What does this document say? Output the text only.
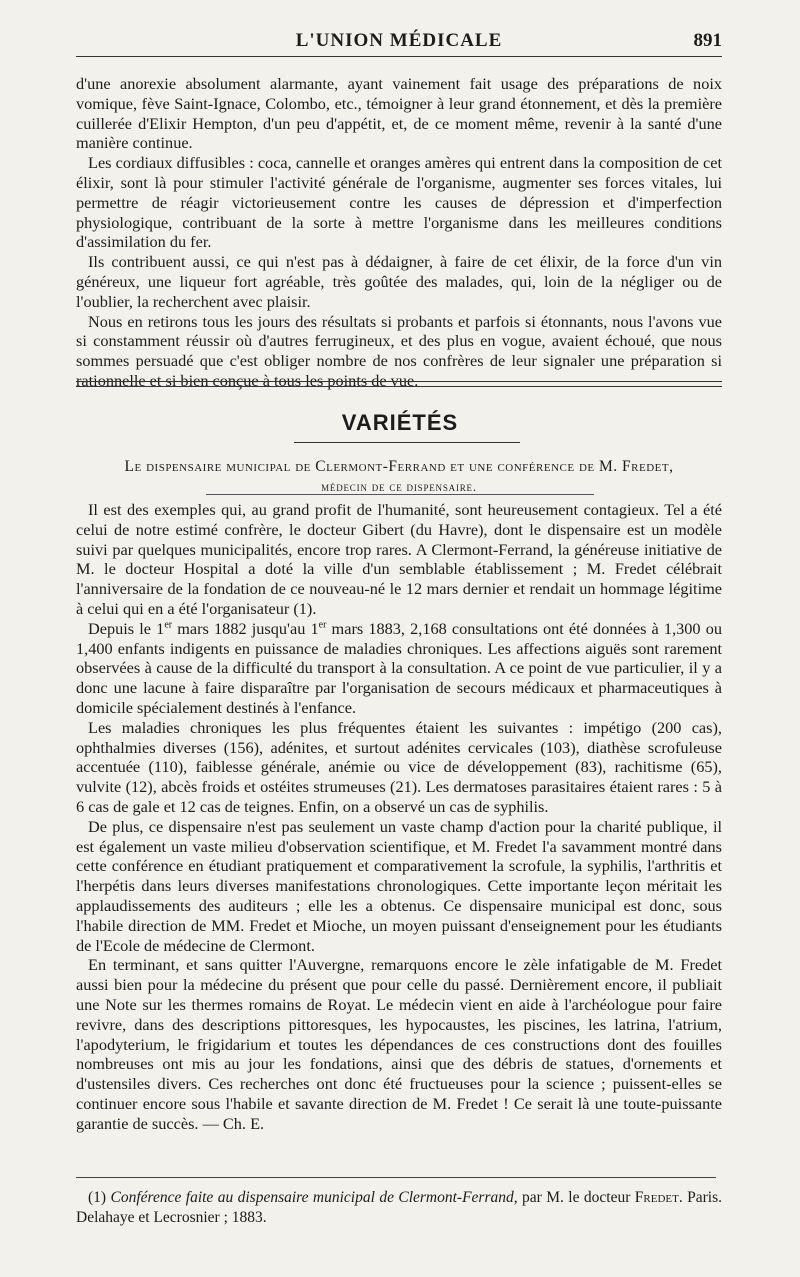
L'UNION MÉDICALE	891

d'une anorexie absolument alarmante, ayant vainement fait usage des préparations de noix vomique, fève Saint-Ignace, Colombo, etc., témoigner à leur grand étonnement, et dès la première cuillerée d'Elixir Hempton, d'un peu d'appétit, et, de ce moment même, revenir à la santé d'une manière continue.

Les cordiaux diffusibles : coca, cannelle et oranges amères qui entrent dans la composition de cet élixir, sont là pour stimuler l'activité générale de l'organisme, augmenter ses forces vitales, lui permettre de réagir victorieusement contre les causes de dépression et d'imperfection physiologique, contribuant de la sorte à mettre l'organisme dans les meilleures conditions d'assimilation du fer.

Ils contribuent aussi, ce qui n'est pas à dédaigner, à faire de cet élixir, de la force d'un vin généreux, une liqueur fort agréable, très goûtée des malades, qui, loin de la négliger ou de l'oublier, la recherchent avec plaisir.

Nous en retirons tous les jours des résultats si probants et parfois si étonnants, nous l'avons vue si constamment réussir où d'autres ferrugineux, et des plus en vogue, avaient échoué, que nous sommes persuadé que c'est obliger nombre de nos confrères de leur signaler une préparation si rationnelle et si bien conçue à tous les points de vue.

VARIÉTÉS
Le dispensaire municipal de Clermont-Ferrand et une conférence de M. Fredet,
médecin de ce dispensaire.

Il est des exemples qui, au grand profit de l'humanité, sont heureusement contagieux. Tel a été celui de notre estimé confrère, le docteur Gibert (du Havre), dont le dispensaire est un modèle suivi par quelques municipalités, encore trop rares. A Clermont-Ferrand, la généreuse initiative de M. le docteur Hospital a doté la ville d'un semblable établissement ; M. Fredet célébrait l'anniversaire de la fondation de ce nouveau-né le 12 mars dernier et rendait un hommage légitime à celui qui en a été l'organisateur (1).

Depuis le 1er mars 1882 jusqu'au 1er mars 1883, 2,168 consultations ont été données à 1,300 ou 1,400 enfants indigents en puissance de maladies chroniques. Les affections aiguës sont rarement observées à cause de la difficulté du transport à la consultation. A ce point de vue particulier, il y a donc une lacune à faire disparaître par l'organisation de secours médicaux et pharmaceutiques à domicile spécialement destinés à l'enfance.

Les maladies chroniques les plus fréquentes étaient les suivantes : impétigo (200 cas), ophthalmies diverses (156), adénites, et surtout adénites cervicales (103), diathèse scrofuleuse accentuée (110), faiblesse générale, anémie ou vice de développement (83), rachitisme (65), vulvite (12), abcès froids et ostéites strumeuses (21). Les dermatoses parasitaires étaient rares : 5 à 6 cas de gale et 12 cas de teignes. Enfin, on a observé un cas de syphilis.

De plus, ce dispensaire n'est pas seulement un vaste champ d'action pour la charité publique, il est également un vaste milieu d'observation scientifique, et M. Fredet l'a savamment montré dans cette conférence en étudiant pratiquement et comparativement la scrofule, la syphilis, l'arthritis et l'herpétis dans leurs diverses manifestations chronologiques. Cette importante leçon méritait les applaudissements des auditeurs ; elle les a obtenus. Ce dispensaire municipal est donc, sous l'habile direction de MM. Fredet et Mioche, un moyen puissant d'enseignement pour les étudiants de l'Ecole de médecine de Clermont.

En terminant, et sans quitter l'Auvergne, remarquons encore le zèle infatigable de M. Fredet aussi bien pour la médecine du présent que pour celle du passé. Dernièrement encore, il publiait une Note sur les thermes romains de Royat. Le médecin vient en aide à l'archéologue pour faire revivre, dans des descriptions pittoresques, les hypocaustes, les piscines, les latrina, l'atrium, l'apodyterium, le frigidarium et toutes les dépendances de ces constructions dont des fouilles nombreuses ont mis au jour les fondations, ainsi que des débris de statues, d'ornements et d'ustensiles divers. Ces recherches ont donc été fructueuses pour la science ; puissent-elles se continuer encore sous l'habile et savante direction de M. Fredet ! Ce serait là une toute-puissante garantie de succès. — Ch. E.

(1) Conférence faite au dispensaire municipal de Clermont-Ferrand, par M. le docteur Fredet. Paris. Delahaye et Lecrosnier ; 1883.
